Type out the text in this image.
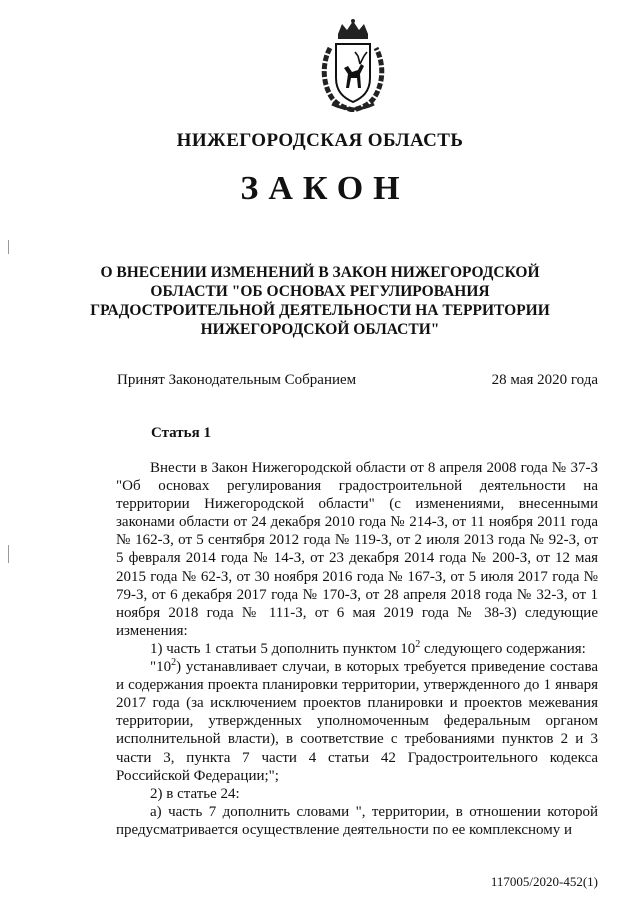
НИЖЕГОРОДСКАЯ ОБЛАСТЬ
ЗАКОН
О ВНЕСЕНИИ ИЗМЕНЕНИЙ В ЗАКОН НИЖЕГОРОДСКОЙ
ОБЛАСТИ "ОБ ОСНОВАХ РЕГУЛИРОВАНИЯ
ГРАДОСТРОИТЕЛЬНОЙ ДЕЯТЕЛЬНОСТИ НА ТЕРРИТОРИИ
НИЖЕГОРОДСКОЙ ОБЛАСТИ"
Принят Законодательным Собранием	28 мая 2020 года
Статья 1
Внести в Закон Нижегородской области от 8 апреля 2008 года № 37-З "Об основах регулирования градостроительной деятельности на территории Нижегородской области" (с изменениями, внесенными законами области от 24 декабря 2010 года № 214-З, от 11 ноября 2011 года № 162-З, от 5 сентября 2012 года № 119-З, от 2 июля 2013 года № 92-З, от 5 февраля 2014 года № 14-З, от 23 декабря 2014 года № 200-З, от 12 мая 2015 года № 62-З, от 30 ноября 2016 года № 167-З, от 5 июля 2017 года № 79-З, от 6 декабря 2017 года № 170-З, от 28 апреля 2018 года № 32-З, от 1 ноября 2018 года № 111-З, от 6 мая 2019 года № 38-З) следующие изменения:
1) часть 1 статьи 5 дополнить пунктом $10^2$ следующего содержания:
"$10^2$) устанавливает случаи, в которых требуется приведение состава и содержания проекта планировки территории, утвержденного до 1 января 2017 года (за исключением проектов планировки и проектов межевания территории, утвержденных уполномоченным федеральным органом исполнительной власти), в соответствие с требованиями пунктов 2 и 3 части 3, пункта 7 части 4 статьи 42 Градостроительного кодекса Российской Федерации;";
2) в статье 24:
а) часть 7 дополнить словами ", территории, в отношении которой предусматривается осуществление деятельности по ее комплексному и
117005/2020-452(1)
